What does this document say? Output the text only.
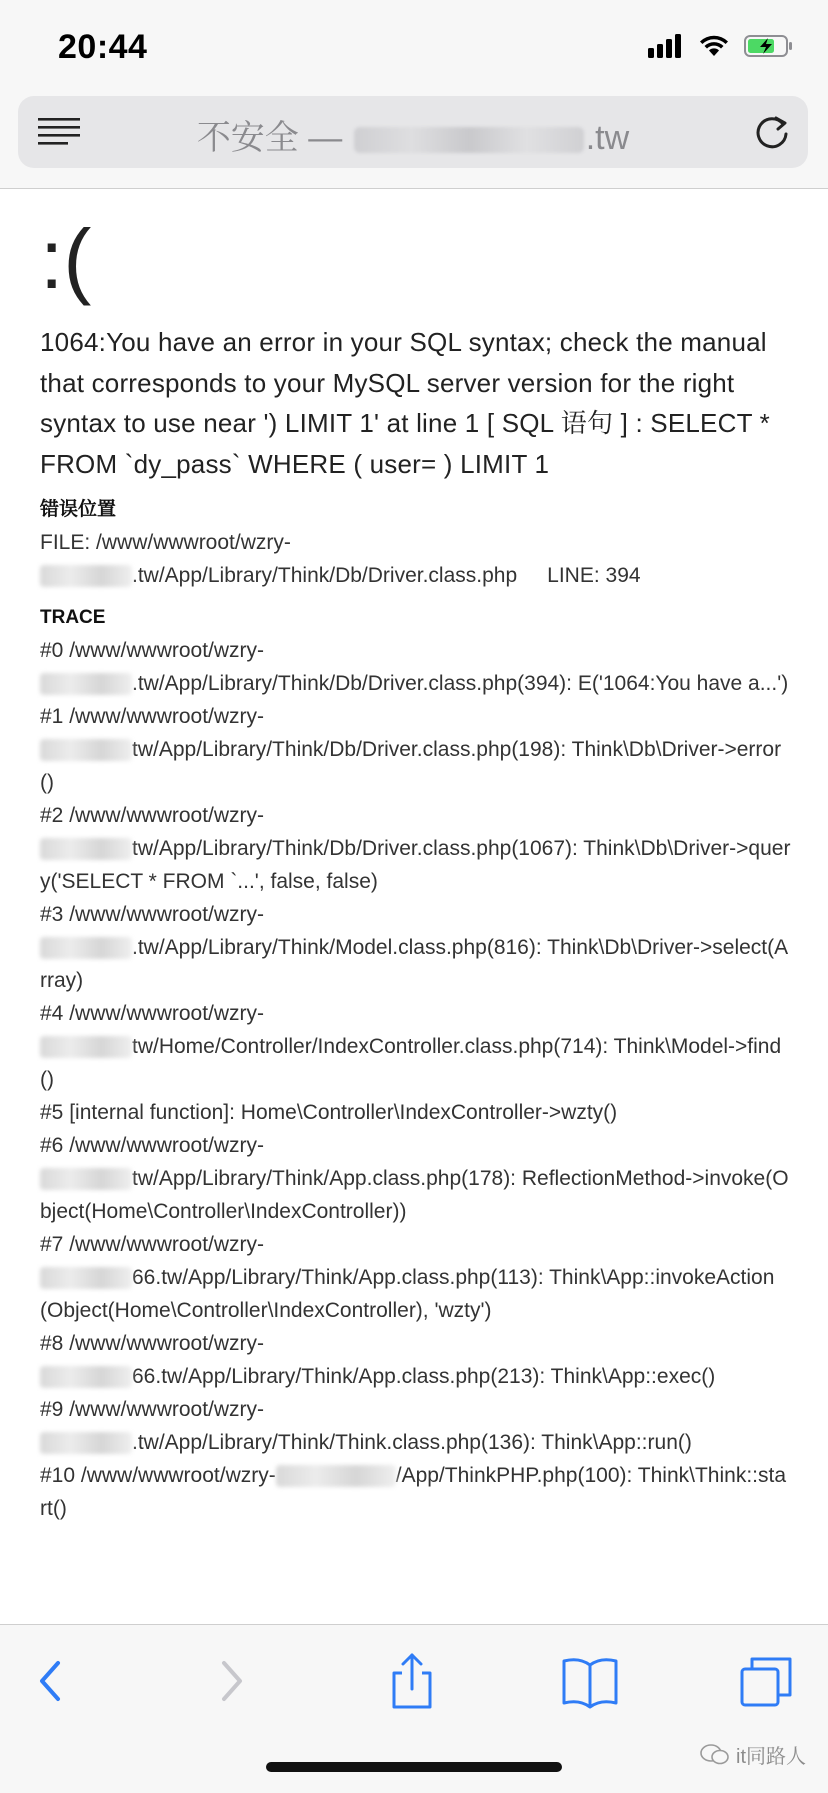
20:44
不安全 —	.tw
:(
1064:You have an error in your SQL syntax; check the manual that corresponds to your MySQL server version for the right syntax to use near ') LIMIT 1' at line 1 [ SQL 语句 ] : SELECT * FROM `dy_pass` WHERE ( user= ) LIMIT 1
错误位置
FILE: /www/wwwroot/wzry-
.tw/App/Library/Think/Db/Driver.class.php LINE: 394
TRACE
#0 /www/wwwroot/wzry-
.tw/App/Library/Think/Db/Driver.class.php(394): E('1064:You have a...')
#1 /www/wwwroot/wzry-
tw/App/Library/Think/Db/Driver.class.php(198): Think\Db\Driver->error()
#2 /www/wwwroot/wzry-
tw/App/Library/Think/Db/Driver.class.php(1067): Think\Db\Driver->query('SELECT * FROM `...', false, false)
#3 /www/wwwroot/wzry-
.tw/App/Library/Think/Model.class.php(816): Think\Db\Driver->select(Array)
#4 /www/wwwroot/wzry-
tw/Home/Controller/IndexController.class.php(714): Think\Model->find()
#5 [internal function]: Home\Controller\IndexController->wzty()
#6 /www/wwwroot/wzry-
tw/App/Library/Think/App.class.php(178): ReflectionMethod->invoke(Object(Home\Controller\IndexController))
#7 /www/wwwroot/wzry-
66.tw/App/Library/Think/App.class.php(113): Think\App::invokeAction(Object(Home\Controller\IndexController), 'wzty')
#8 /www/wwwroot/wzry-
66.tw/App/Library/Think/App.class.php(213): Think\App::exec()
#9 /www/wwwroot/wzry-
.tw/App/Library/Think/Think.class.php(136): Think\App::run()
#10 /www/wwwroot/wzry-	/App/ThinkPHP.php(100): Think\Think::start()
it同路人
